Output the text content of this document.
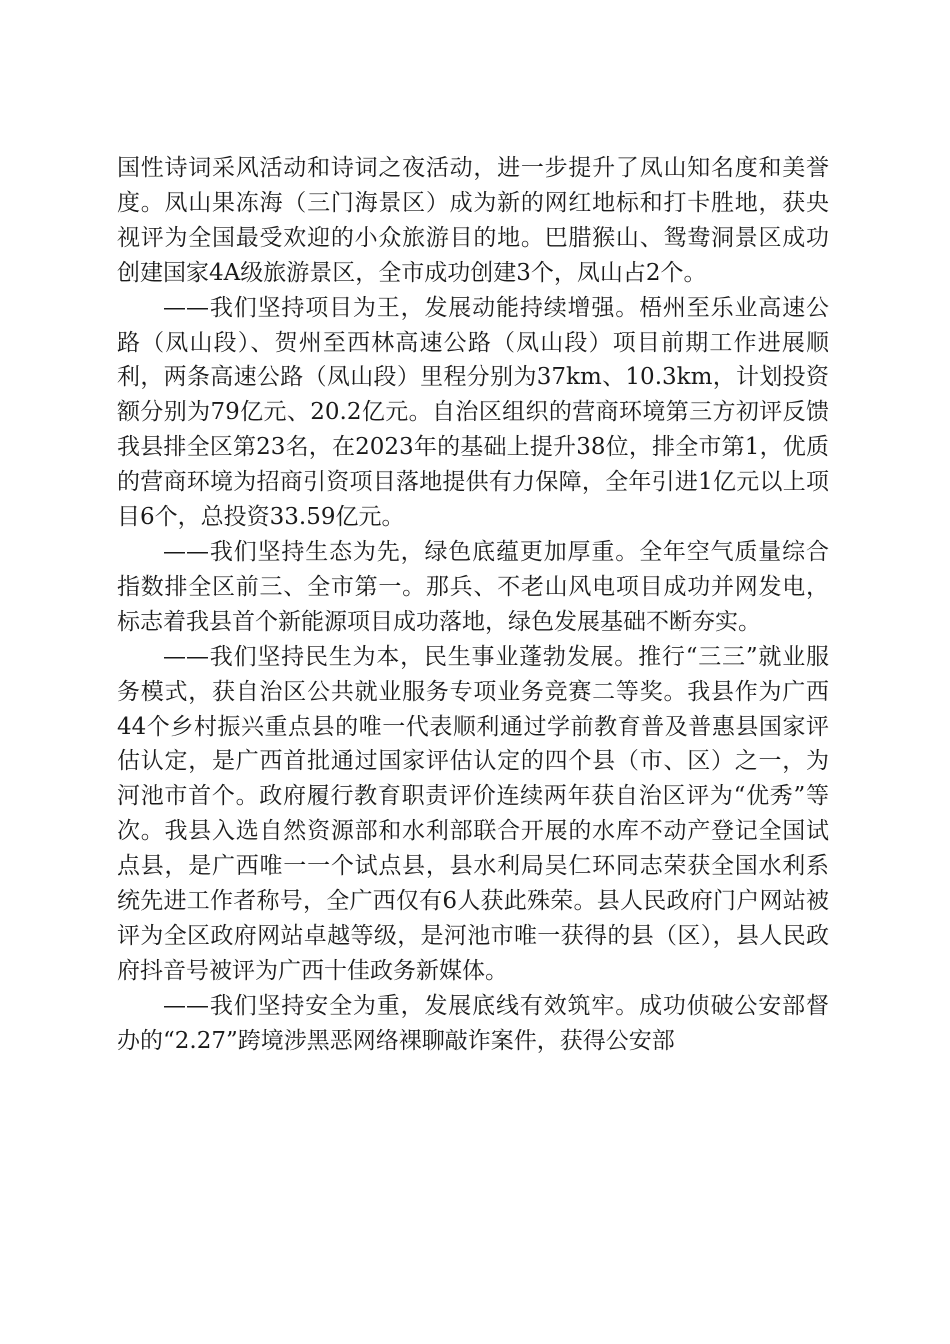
国性诗词采风活动和诗词之夜活动，进一步提升了凤山知名度和美誉度。凤山果冻海（三门海景区）成为新的网红地标和打卡胜地，获央视评为全国最受欢迎的小众旅游目的地。巴腊猴山、鸳鸯洞景区成功创建国家4A级旅游景区，全市成功创建3个，凤山占2个。

——我们坚持项目为王，发展动能持续增强。梧州至乐业高速公路（凤山段）、贺州至西林高速公路（凤山段）项目前期工作进展顺利，两条高速公路（凤山段）里程分别为37km、10.3km，计划投资额分别为79亿元、20.2亿元。自治区组织的营商环境第三方初评反馈我县排全区第23名，在2023年的基础上提升38位，排全市第1，优质的营商环境为招商引资项目落地提供有力保障，全年引进1亿元以上项目6个，总投资33.59亿元。

——我们坚持生态为先，绿色底蕴更加厚重。全年空气质量综合指数排全区前三、全市第一。那兵、不老山风电项目成功并网发电，标志着我县首个新能源项目成功落地，绿色发展基础不断夯实。

——我们坚持民生为本，民生事业蓬勃发展。推行“三三”就业服务模式，获自治区公共就业服务专项业务竞赛二等奖。我县作为广西44个乡村振兴重点县的唯一代表顺利通过学前教育普及普惠县国家评估认定，是广西首批通过国家评估认定的四个县（市、区）之一，为河池市首个。政府履行教育职责评价连续两年获自治区评为“优秀”等次。我县入选自然资源部和水利部联合开展的水库不动产登记全国试点县，是广西唯一一个试点县，县水利局吴仁环同志荣获全国水利系统先进工作者称号，全广西仅有6人获此殊荣。县人民政府门户网站被评为全区政府网站卓越等级，是河池市唯一获得的县（区），县人民政府抖音号被评为广西十佳政务新媒体。

——我们坚持安全为重，发展底线有效筑牢。成功侦破公安部督办的“2.27”跨境涉黑恶网络裸聊敲诈案件，获得公安部
